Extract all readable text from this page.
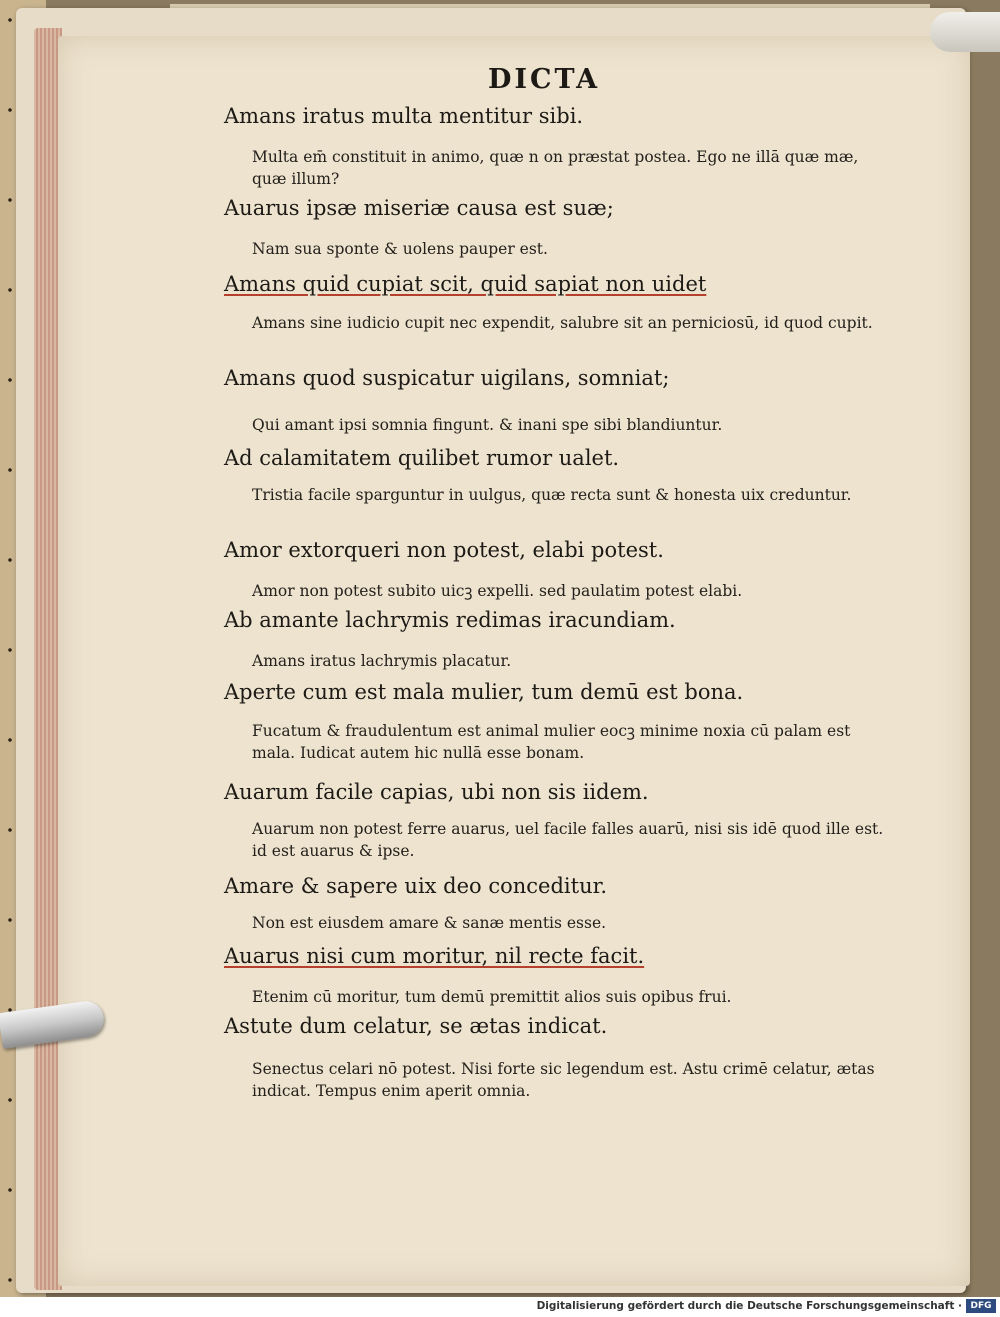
DICTA
Amans iratus multa mentitur sibi.
Multa em̄ constituit in animo, quæ n on præstat postea. Ego ne illā quæ mæ, quæ illum?
Auarus ipsæ miseriæ causa est suæ;
Nam sua sponte & uolens pauper est.
Amans quid cupiat scit, quid sapiat non uidet
Amans sine iudicio cupit nec expendit, salubre sit an perniciosū, id quod cupit.
Amans quod suspicatur uigilans, somniat;
Qui amant ipsi somnia fingunt. & inani spe sibi blandiuntur.
Ad calamitatem quilibet rumor ualet.
Tristia facile sparguntur in uulgus, quæ recta sunt & honesta uix creduntur.
Amor extorqueri non potest, elabi potest.
Amor non potest subito uicꝫ expelli. sed paulatim potest elabi.
Ab amante lachrymis redimas iracundiam.
Amans iratus lachrymis placatur.
Aperte cum est mala mulier, tum demū est bona.
Fucatum & fraudulentum est animal mulier eocꝫ minime noxia cū palam est mala. Iudicat autem hic nullā esse bonam.
Auarum facile capias, ubi non sis iidem.
Auarum non potest ferre auarus, uel facile falles auarū, nisi sis idē quod ille est. id est auarus & ipse.
Amare & sapere uix deo conceditur.
Non est eiusdem amare & sanæ mentis esse.
Auarus nisi cum moritur, nil recte facit.
Etenim cū moritur, tum demū premittit alios suis opibus frui.
Astute dum celatur, se ætas indicat.
Senectus celari nō potest. Nisi forte sic legendum est. Astu crimē celatur, ætas indicat. Tempus enim aperit omnia.
Digitalisierung gefördert durch die Deutsche Forschungsgemeinschaft · DFG
